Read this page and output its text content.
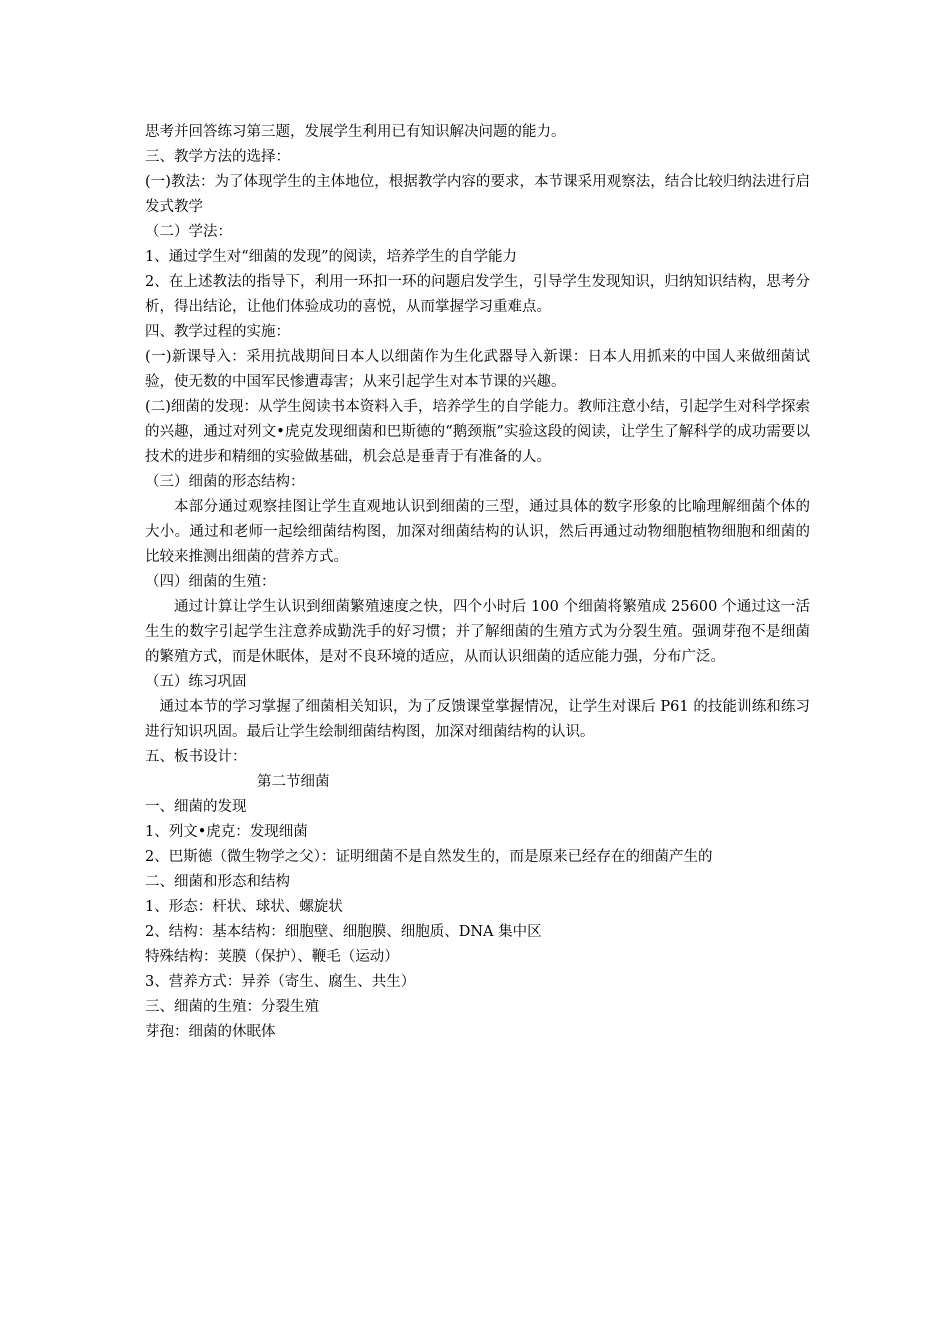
思考并回答练习第三题，发展学生利用已有知识解决问题的能力。
三、教学方法的选择：
(一)教法：为了体现学生的主体地位，根据教学内容的要求，本节课采用观察法，结合比较归纳法进行启发式教学
（二）学法：
1、通过学生对“细菌的发现”的阅读，培养学生的自学能力
2、在上述教法的指导下，利用一环扣一环的问题启发学生，引导学生发现知识，归纳知识结构，思考分析，得出结论，让他们体验成功的喜悦，从而掌握学习重难点。
四、教学过程的实施：
(一)新课导入：采用抗战期间日本人以细菌作为生化武器导入新课：日本人用抓来的中国人来做细菌试验，使无数的中国军民惨遭毒害；从来引起学生对本节课的兴趣。
(二)细菌的发现：从学生阅读书本资料入手，培养学生的自学能力。教师注意小结，引起学生对科学探索的兴趣，通过对列文•虎克发现细菌和巴斯德的“鹅颈瓶”实验这段的阅读，让学生了解科学的成功需要以技术的进步和精细的实验做基础，机会总是垂青于有准备的人。
（三）细菌的形态结构：
本部分通过观察挂图让学生直观地认识到细菌的三型，通过具体的数字形象的比喻理解细菌个体的大小。通过和老师一起绘细菌结构图，加深对细菌结构的认识，然后再通过动物细胞植物细胞和细菌的比较来推测出细菌的营养方式。
（四）细菌的生殖：
通过计算让学生认识到细菌繁殖速度之快，四个小时后 100 个细菌将繁殖成 25600 个通过这一活生生的数字引起学生注意养成勤洗手的好习惯；并了解细菌的生殖方式为分裂生殖。强调芽孢不是细菌的繁殖方式，而是休眠体，是对不良环境的适应，从而认识细菌的适应能力强，分布广泛。
（五）练习巩固
通过本节的学习掌握了细菌相关知识，为了反馈课堂掌握情况，让学生对课后 P61 的技能训练和练习进行知识巩固。最后让学生绘制细菌结构图，加深对细菌结构的认识。
五、板书设计：
第二节细菌
一、细菌的发现
1、列文•虎克：发现细菌
2、巴斯德（微生物学之父）：证明细菌不是自然发生的，而是原来已经存在的细菌产生的
二、细菌和形态和结构
1、形态：杆状、球状、螺旋状
2、结构：基本结构：细胞壁、细胞膜、细胞质、DNA 集中区
特殊结构：荚膜（保护）、鞭毛（运动）
3、营养方式：异养（寄生、腐生、共生）
三、细菌的生殖：分裂生殖
芽孢：细菌的休眠体
